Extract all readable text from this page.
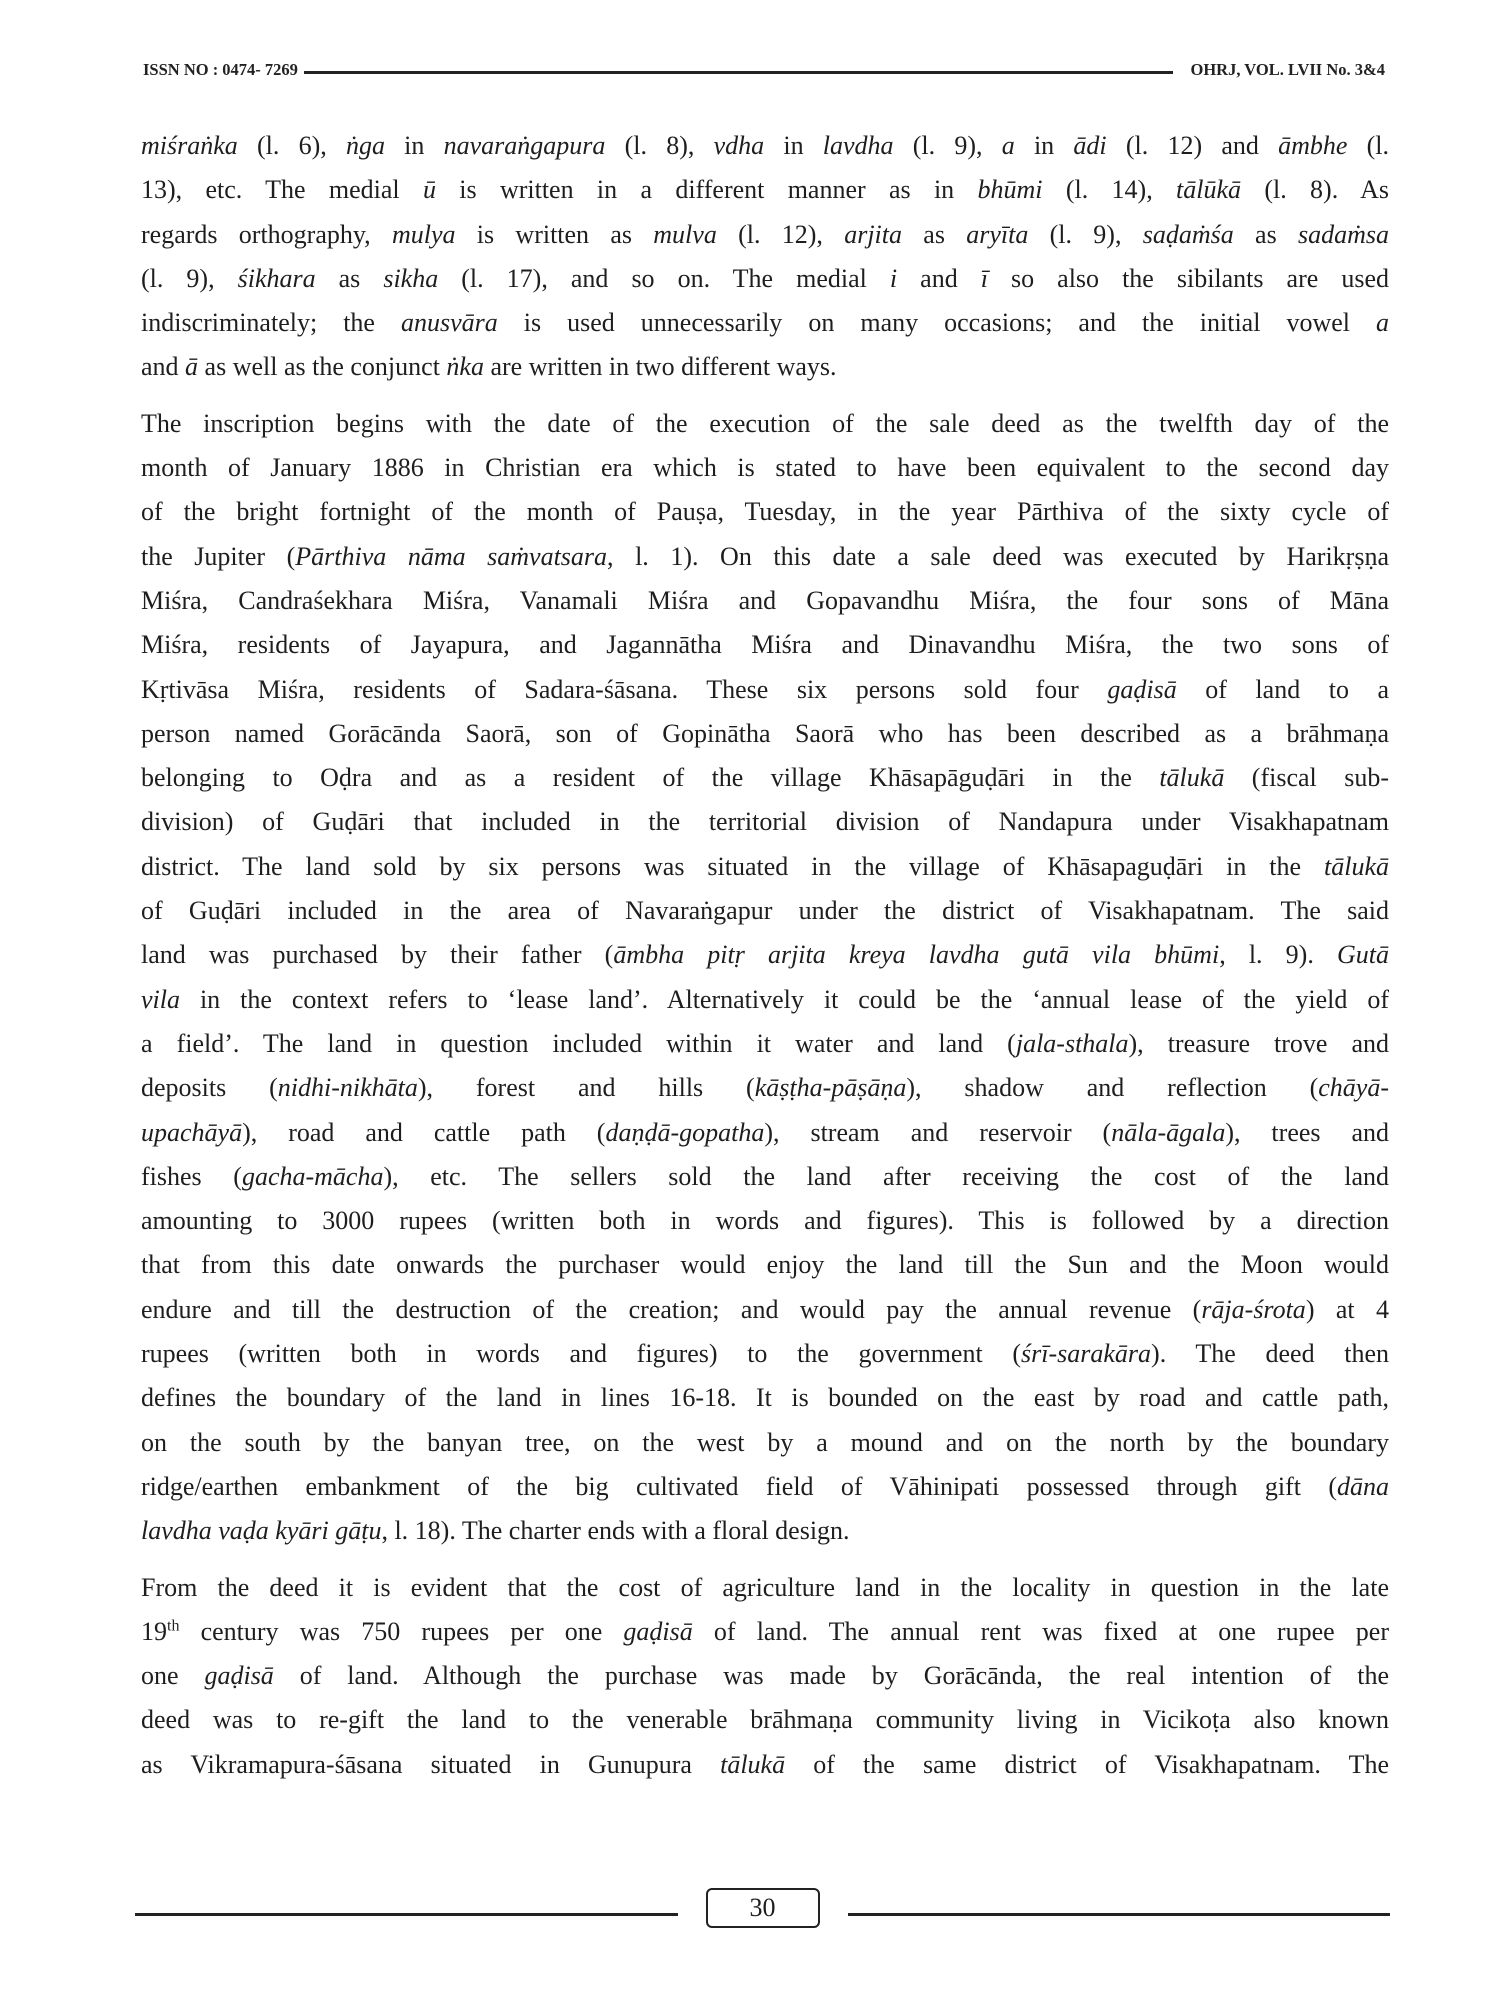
ISSN NO : 0474- 7269	OHRJ, VOL. LVII No. 3&4

miśraṅka (l. 6), ṅga in navaraṅgapura (l. 8), vdha in lavdha (l. 9), a in ādi (l. 12) and āmbhe (l.
13), etc. The medial ū is written in a different manner as in bhūmi (l. 14), tālūkā (l. 8). As
regards orthography, mulya is written as mulva (l. 12), arjita as aryīta (l. 9), saḍaṁśa as sadaṁsa
(l. 9), śikhara as sikha (l. 17), and so on. The medial i and ī so also the sibilants are used
indiscriminately; the anusvāra is used unnecessarily on many occasions; and the initial vowel a
and ā as well as the conjunct ṅka are written in two different ways.

The inscription begins with the date of the execution of the sale deed as the twelfth day of the
month of January 1886 in Christian era which is stated to have been equivalent to the second day
of the bright fortnight of the month of Pauṣa, Tuesday, in the year Pārthiva of the sixty cycle of
the Jupiter (Pārthiva nāma saṁvatsara, l. 1). On this date a sale deed was executed by Harikṛṣṇa
Miśra, Candraśekhara Miśra, Vanamali Miśra and Gopavandhu Miśra, the four sons of Māna
Miśra, residents of Jayapura, and Jagannātha Miśra and Dinavandhu Miśra, the two sons of
Kṛtivāsa Miśra, residents of Sadara-śāsana. These six persons sold four gaḍisā of land to a
person named Gorācānda Saorā, son of Gopinātha Saorā who has been described as a brāhmaṇa
belonging to Oḍra and as a resident of the village Khāsapāguḍāri in the tālukā (fiscal sub-
division) of Guḍāri that included in the territorial division of Nandapura under Visakhapatnam
district. The land sold by six persons was situated in the village of Khāsapaguḍāri in the tālukā
of Guḍāri included in the area of Navaraṅgapur under the district of Visakhapatnam. The said
land was purchased by their father (āmbha pitṛ arjita kreya lavdha gutā vila bhūmi, l. 9). Gutā
vila in the context refers to ‘lease land’. Alternatively it could be the ‘annual lease of the yield of
a field’. The land in question included within it water and land (jala-sthala), treasure trove and
deposits (nidhi-nikhāta), forest and hills (kāṣṭha-pāṣāṇa), shadow and reflection (chāyā-
upachāyā), road and cattle path (daṇḍā-gopatha), stream and reservoir (nāla-āgala), trees and
fishes (gacha-mācha), etc. The sellers sold the land after receiving the cost of the land
amounting to 3000 rupees (written both in words and figures). This is followed by a direction
that from this date onwards the purchaser would enjoy the land till the Sun and the Moon would
endure and till the destruction of the creation; and would pay the annual revenue (rāja-śrota) at 4
rupees (written both in words and figures) to the government (śrī-sarakāra). The deed then
defines the boundary of the land in lines 16-18. It is bounded on the east by road and cattle path,
on the south by the banyan tree, on the west by a mound and on the north by the boundary
ridge/earthen embankment of the big cultivated field of Vāhinipati possessed through gift (dāna
lavdha vaḍa kyāri gāṭu, l. 18). The charter ends with a floral design.

From the deed it is evident that the cost of agriculture land in the locality in question in the late
19th century was 750 rupees per one gaḍisā of land. The annual rent was fixed at one rupee per
one gaḍisā of land. Although the purchase was made by Gorācānda, the real intention of the
deed was to re-gift the land to the venerable brāhmaṇa community living in Vicikoṭa also known
as Vikramapura-śāsana situated in Gunupura tālukā of the same district of Visakhapatnam. The

30
